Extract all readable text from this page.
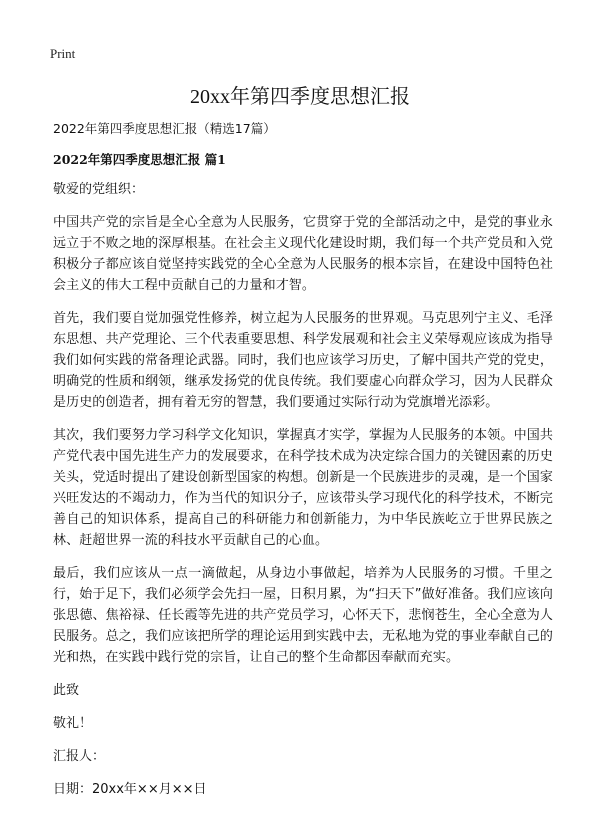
Print
20xx年第四季度思想汇报

2022年第四季度思想汇报（精选17篇）

2022年第四季度思想汇报 篇1

敬爱的党组织：

中国共产党的宗旨是全心全意为人民服务，它贯穿于党的全部活动之中，是党的事业永远立于不败之地的深厚根基。在社会主义现代化建设时期，我们每一个共产党员和入党积极分子都应该自觉坚持实践党的全心全意为人民服务的根本宗旨，在建设中国特色社会主义的伟大工程中贡献自己的力量和才智。

首先，我们要自觉加强党性修养，树立起为人民服务的世界观。马克思列宁主义、毛泽东思想、共产党理论、三个代表重要思想、科学发展观和社会主义荣辱观应该成为指导我们如何实践的常备理论武器。同时，我们也应该学习历史，了解中国共产党的党史，明确党的性质和纲领，继承发扬党的优良传统。我们要虚心向群众学习，因为人民群众是历史的创造者，拥有着无穷的智慧，我们要通过实际行动为党旗增光添彩。

其次，我们要努力学习科学文化知识，掌握真才实学，掌握为人民服务的本领。中国共产党代表中国先进生产力的发展要求，在科学技术成为决定综合国力的关键因素的历史关头，党适时提出了建设创新型国家的构想。创新是一个民族进步的灵魂，是一个国家兴旺发达的不竭动力，作为当代的知识分子，应该带头学习现代化的科学技术，不断完善自己的知识体系，提高自己的科研能力和创新能力，为中华民族屹立于世界民族之林、赶超世界一流的科技水平贡献自己的心血。

最后，我们应该从一点一滴做起，从身边小事做起，培养为人民服务的习惯。千里之行，始于足下，我们必须学会先扫一屋，日积月累，为“扫天下”做好准备。我们应该向张思德、焦裕禄、任长霞等先进的共产党员学习，心怀天下，悲悯苍生，全心全意为人民服务。总之，我们应该把所学的理论运用到实践中去，无私地为党的事业奉献自己的光和热，在实践中践行党的宗旨，让自己的整个生命都因奉献而充实。

此致

敬礼！

汇报人：

日期：20xx年××月××日
